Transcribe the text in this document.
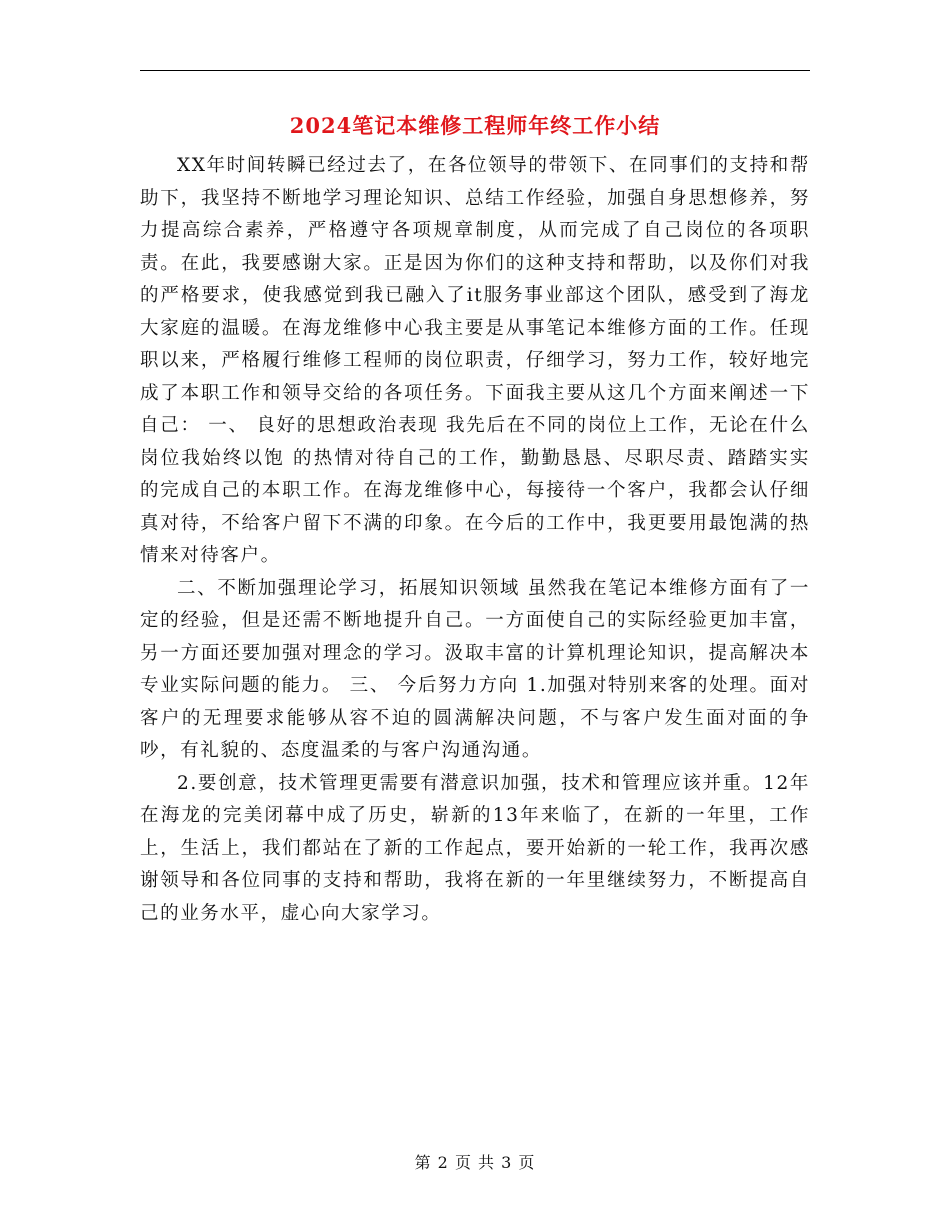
2024笔记本维修工程师年终工作小结

XX年时间转瞬已经过去了，在各位领导的带领下、在同事们的支持和帮助下，我坚持不断地学习理论知识、总结工作经验，加强自身思想修养，努力提高综合素养，严格遵守各项规章制度，从而完成了自己岗位的各项职责。在此，我要感谢大家。正是因为你们的这种支持和帮助，以及你们对我的严格要求，使我感觉到我已融入了it服务事业部这个团队，感受到了海龙大家庭的温暖。在海龙维修中心我主要是从事笔记本维修方面的工作。任现职以来，严格履行维修工程师的岗位职责，仔细学习，努力工作，较好地完成了本职工作和领导交给的各项任务。下面我主要从这几个方面来阐述一下自己： 一、 良好的思想政治表现 我先后在不同的岗位上工作，无论在什么岗位我始终以饱 的热情对待自己的工作，勤勤恳恳、尽职尽责、踏踏实实的完成自己的本职工作。在海龙维修中心，每接待一个客户，我都会认仔细真对待，不给客户留下不满的印象。在今后的工作中，我更要用最饱满的热情来对待客户。

二、不断加强理论学习，拓展知识领域 虽然我在笔记本维修方面有了一定的经验，但是还需不断地提升自己。一方面使自己的实际经验更加丰富，另一方面还要加强对理念的学习。汲取丰富的计算机理论知识，提高解决本专业实际问题的能力。 三、 今后努力方向 1.加强对特别来客的处理。面对客户的无理要求能够从容不迫的圆满解决问题，不与客户发生面对面的争吵，有礼貌的、态度温柔的与客户沟通沟通。

2.要创意，技术管理更需要有潜意识加强，技术和管理应该并重。12年在海龙的完美闭幕中成了历史，崭新的13年来临了，在新的一年里，工作上，生活上，我们都站在了新的工作起点，要开始新的一轮工作，我再次感谢领导和各位同事的支持和帮助，我将在新的一年里继续努力，不断提高自己的业务水平，虚心向大家学习。

第 2 页 共 3 页
